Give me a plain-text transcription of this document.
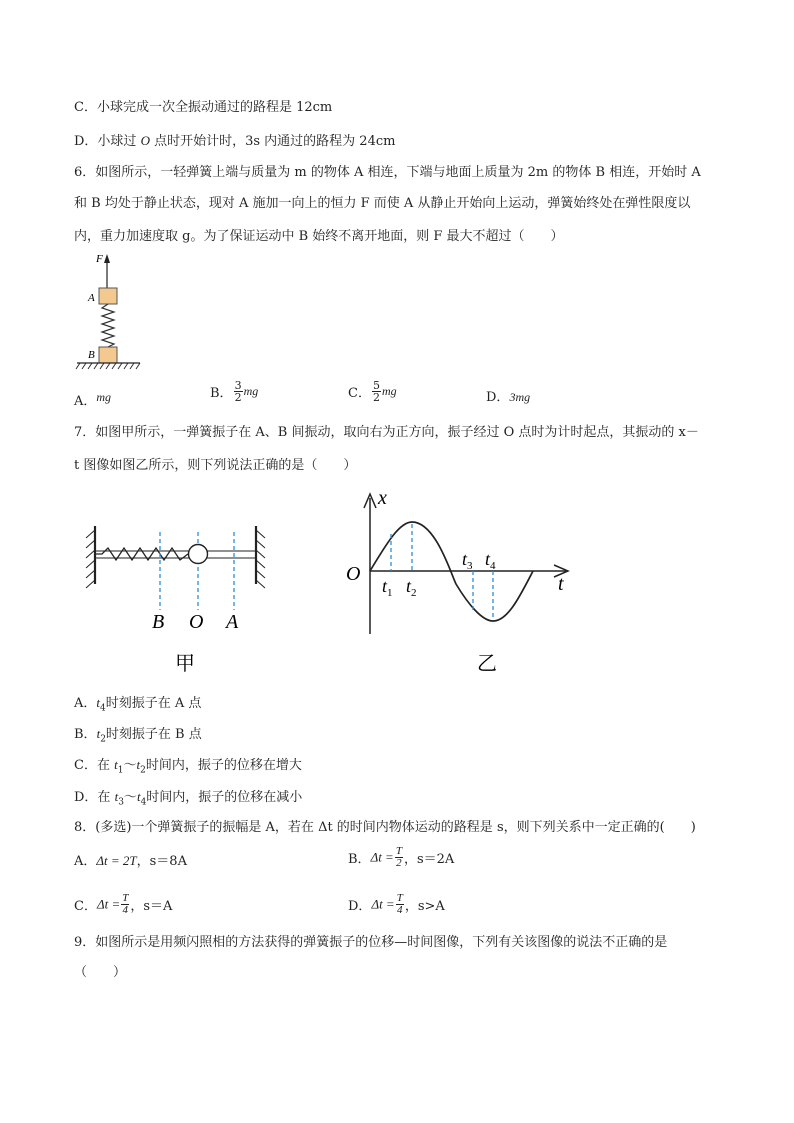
C．小球完成一次全振动通过的路程是 12cm
D．小球过 O 点时开始计时，3s 内通过的路程为 24cm
6．如图所示，一轻弹簧上端与质量为 m 的物体 A 相连，下端与地面上质量为 2m 的物体 B 相连，开始时 A
和 B 均处于静止状态，现对 A 施加一向上的恒力 F 而使 A 从静止开始向上运动，弹簧始终处在弹性限度以
内，重力加速度取 g。为了保证运动中 B 始终不离开地面，则 F 最大不超过（　　）
F
A
B
A．mg	B． $\frac{3}{2}$ mg	C． $\frac{5}{2}$ mg	D．3mg
7．如图甲所示，一弹簧振子在 A、B 间振动，取向右为正方向，振子经过 O 点时为计时起点，其振动的 x－
t 图像如图乙所示，则下列说法正确的是（　　）
B O A
甲
x
t
O
$t_1$ $t_2$
$t_3$ $t_4$
乙
A．$t_4$时刻振子在 A 点
B．$t_2$时刻振子在 B 点
C．在 $t_1\sim t_2$时间内，振子的位移在增大
D．在 $t_3\sim t_4$时间内，振子的位移在减小
8．(多选)一个弹簧振子的振幅是 A，若在 Δt 的时间内物体运动的路程是 s，则下列关系中一定正确的(　　)
A．Δt = 2T，s＝8A	B．$\Delta t = \frac{T}{2}$ ，s＝2A
C．$\Delta t = \frac{T}{4}$ ，s＝A	D．$\Delta t = \frac{T}{4}$ ，s>A
9．如图所示是用频闪照相的方法获得的弹簧振子的位移—时间图像，下列有关该图像的说法不正确的是
（　　）
